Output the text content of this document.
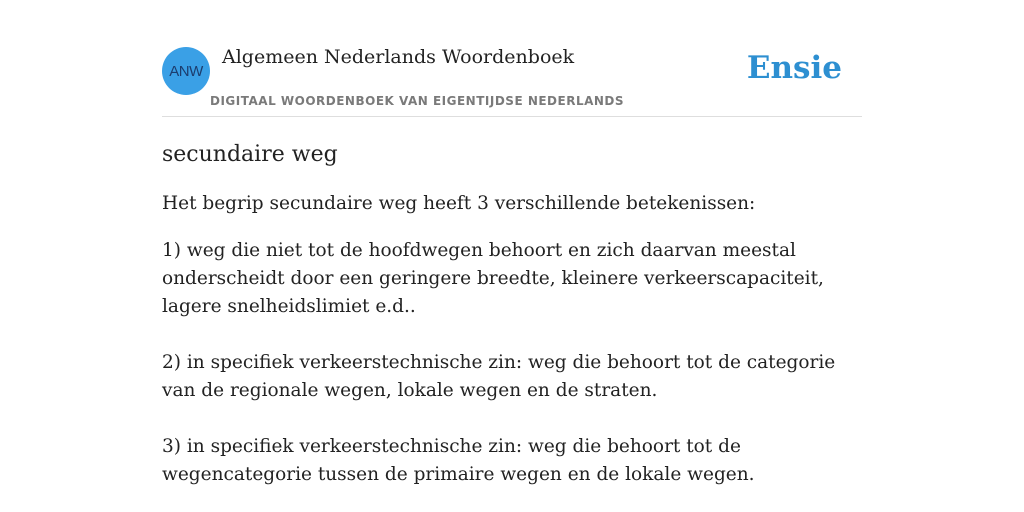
ANW
Algemeen Nederlands Woordenboek
DIGITAAL WOORDENBOEK VAN EIGENTIJDSE NEDERLANDS
Ensie
secundaire weg

Het begrip secundaire weg heeft 3 verschillende betekenissen:

1) weg die niet tot de hoofdwegen behoort en zich daarvan meestal onderscheidt door een geringere breedte, kleinere verkeerscapaciteit, lagere snelheidslimiet e.d..
2) in specifiek verkeerstechnische zin: weg die behoort tot de categorie van de regionale wegen, lokale wegen en de straten.
3) in specifiek verkeerstechnische zin: weg die behoort tot de wegencategorie tussen de primaire wegen en de lokale wegen.
